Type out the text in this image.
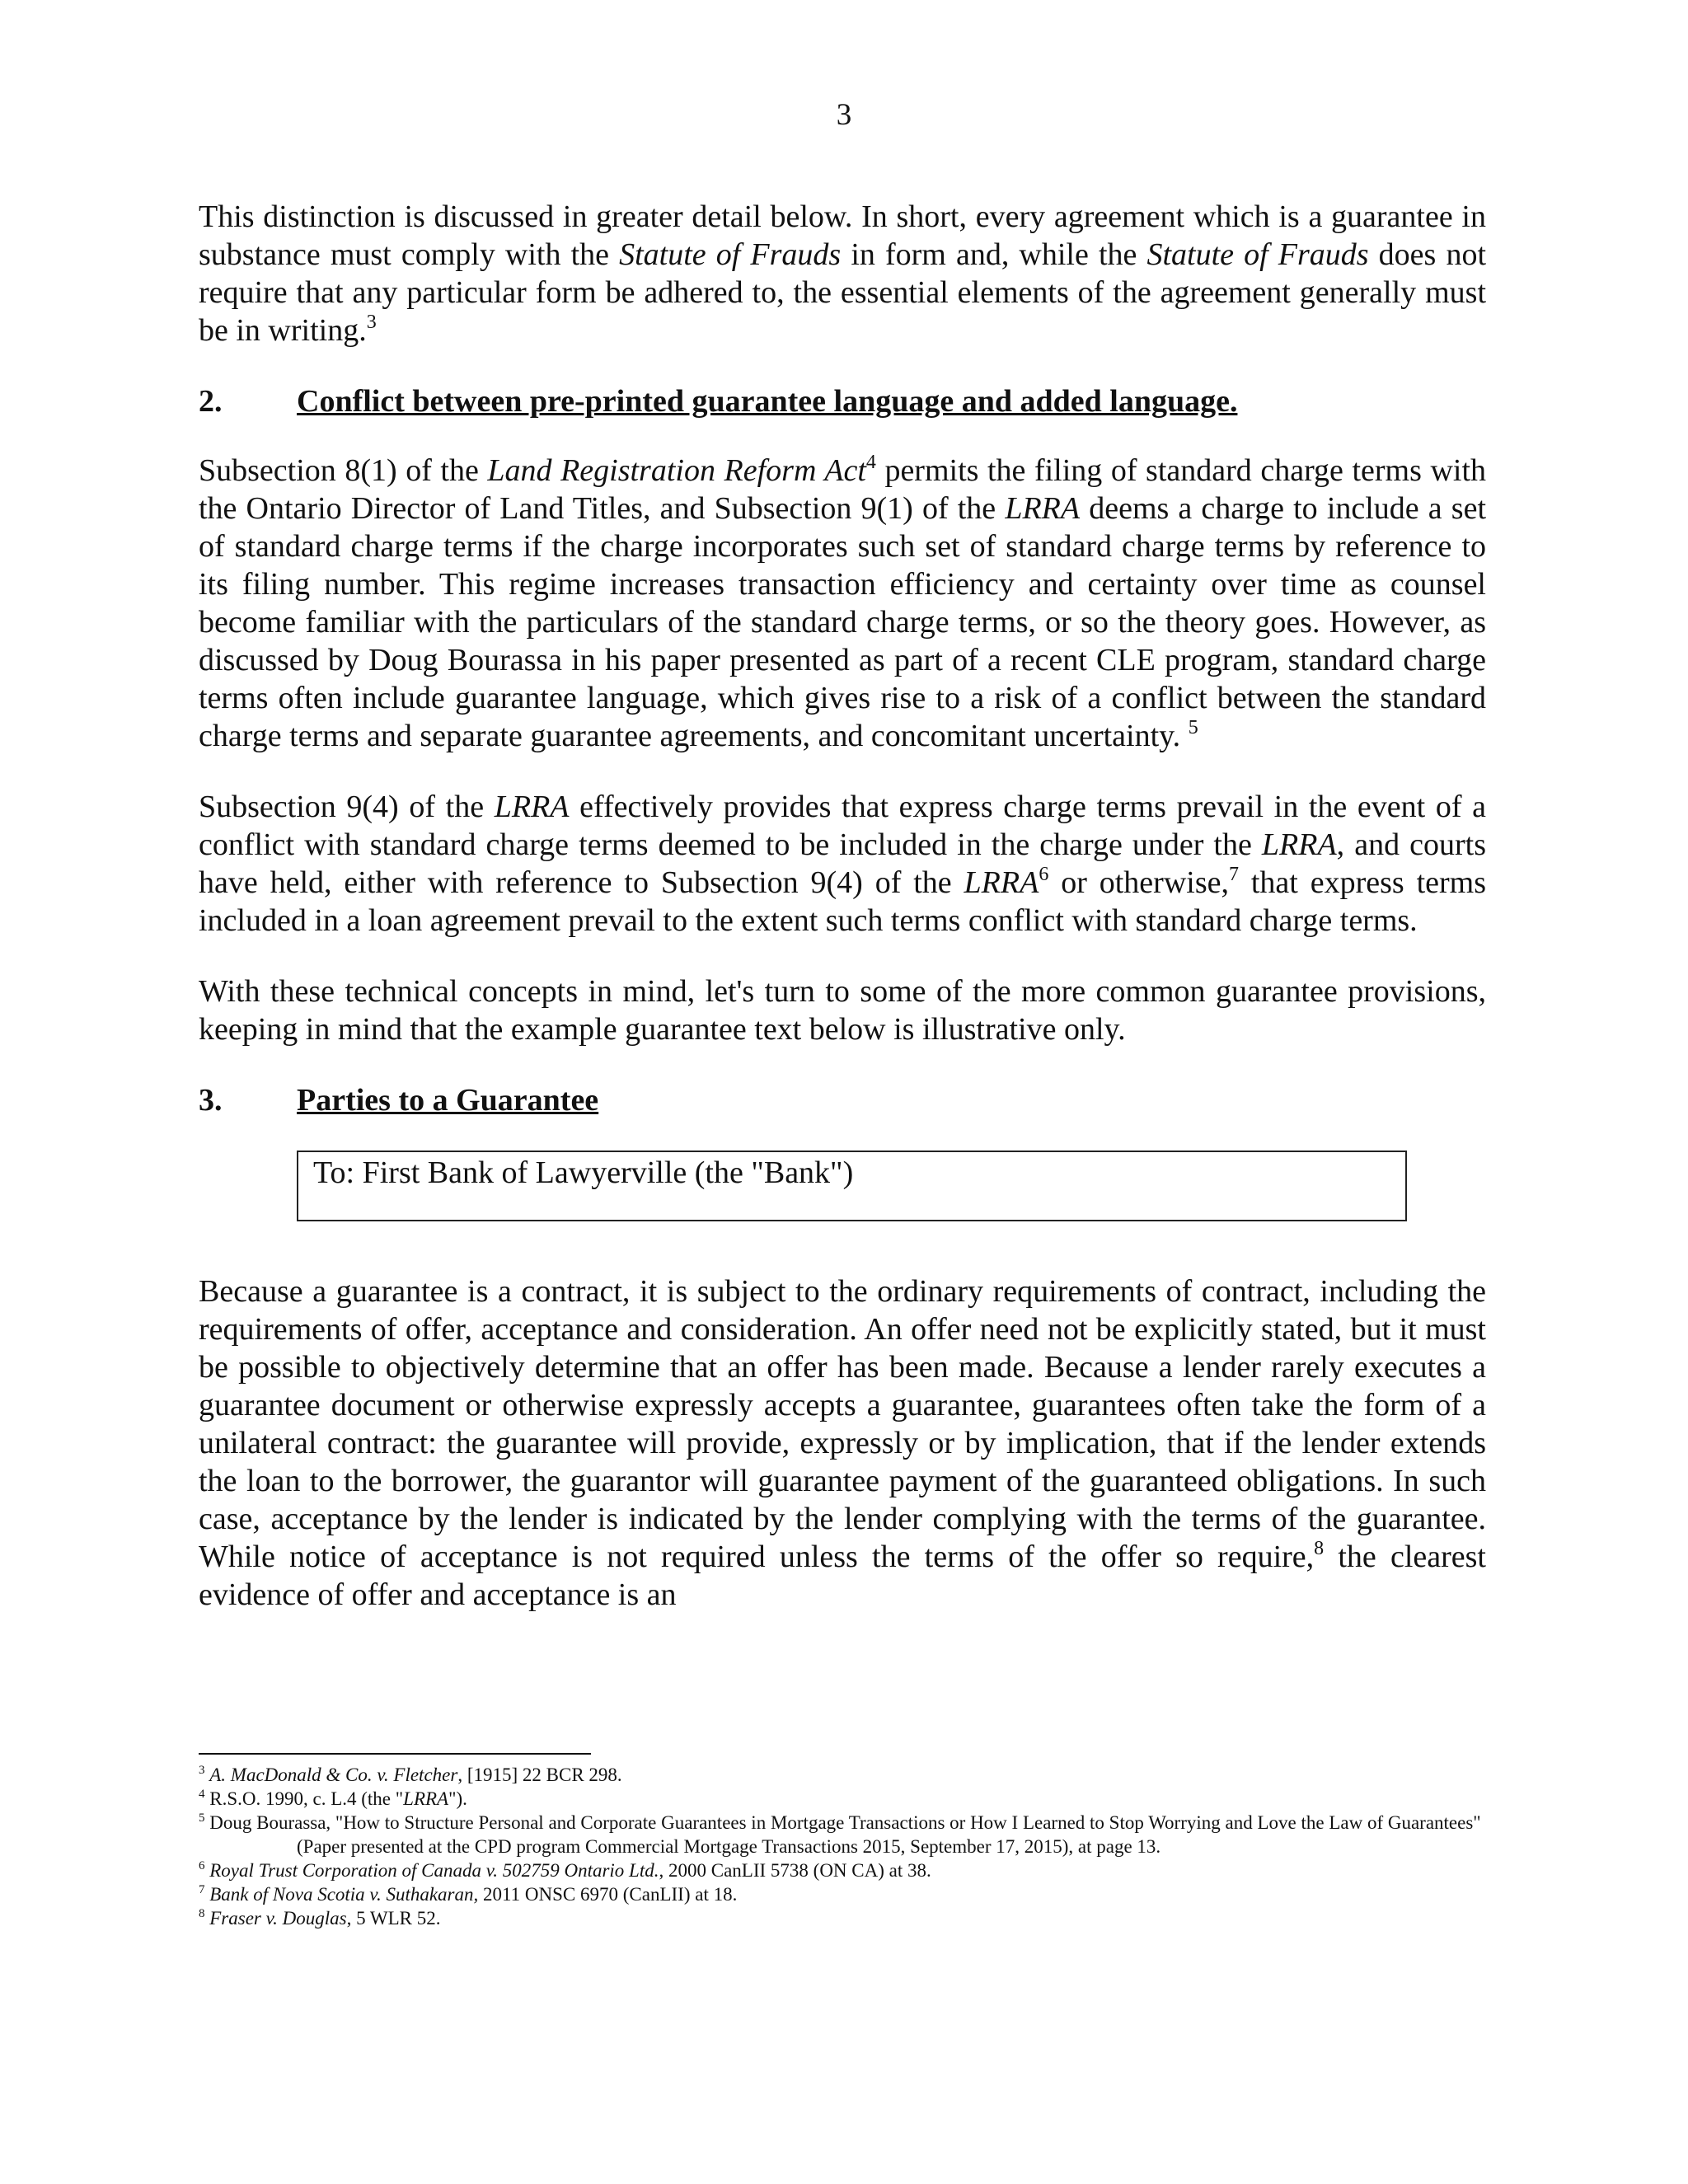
3

This distinction is discussed in greater detail below. In short, every agreement which is a guarantee in substance must comply with the Statute of Frauds in form and, while the Statute of Frauds does not require that any particular form be adhered to, the essential elements of the agreement generally must be in writing.$^3$

2.	Conflict between pre-printed guarantee language and added language.

Subsection 8(1) of the Land Registration Reform Act$^4$ permits the filing of standard charge terms with the Ontario Director of Land Titles, and Subsection 9(1) of the LRRA deems a charge to include a set of standard charge terms if the charge incorporates such set of standard charge terms by reference to its filing number. This regime increases transaction efficiency and certainty over time as counsel become familiar with the particulars of the standard charge terms, or so the theory goes. However, as discussed by Doug Bourassa in his paper presented as part of a recent CLE program, standard charge terms often include guarantee language, which gives rise to a risk of a conflict between the standard charge terms and separate guarantee agreements, and concomitant uncertainty. $^5$

Subsection 9(4) of the LRRA effectively provides that express charge terms prevail in the event of a conflict with standard charge terms deemed to be included in the charge under the LRRA, and courts have held, either with reference to Subsection 9(4) of the LRRA$^6$ or otherwise,$^7$ that express terms included in a loan agreement prevail to the extent such terms conflict with standard charge terms.

With these technical concepts in mind, let's turn to some of the more common guarantee provisions, keeping in mind that the example guarantee text below is illustrative only.

3.	Parties to a Guarantee
To: First Bank of Lawyerville (the "Bank")

Because a guarantee is a contract, it is subject to the ordinary requirements of contract, including the requirements of offer, acceptance and consideration. An offer need not be explicitly stated, but it must be possible to objectively determine that an offer has been made. Because a lender rarely executes a guarantee document or otherwise expressly accepts a guarantee, guarantees often take the form of a unilateral contract: the guarantee will provide, expressly or by implication, that if the lender extends the loan to the borrower, the guarantor will guarantee payment of the guaranteed obligations. In such case, acceptance by the lender is indicated by the lender complying with the terms of the guarantee. While notice of acceptance is not required unless the terms of the offer so require,$^8$ the clearest evidence of offer and acceptance is an

$^3$ A. MacDonald & Co. v. Fletcher, [1915] 22 BCR 298.
$^4$ R.S.O. 1990, c. L.4 (the "LRRA").
$^5$ Doug Bourassa, "How to Structure Personal and Corporate Guarantees in Mortgage Transactions or How I Learned to Stop Worrying and Love the Law of Guarantees" (Paper presented at the CPD program Commercial Mortgage Transactions 2015, September 17, 2015), at page 13.
$^6$ Royal Trust Corporation of Canada v. 502759 Ontario Ltd., 2000 CanLII 5738 (ON CA) at 38.
$^7$ Bank of Nova Scotia v. Suthakaran, 2011 ONSC 6970 (CanLII) at 18.
$^8$ Fraser v. Douglas, 5 WLR 52.
